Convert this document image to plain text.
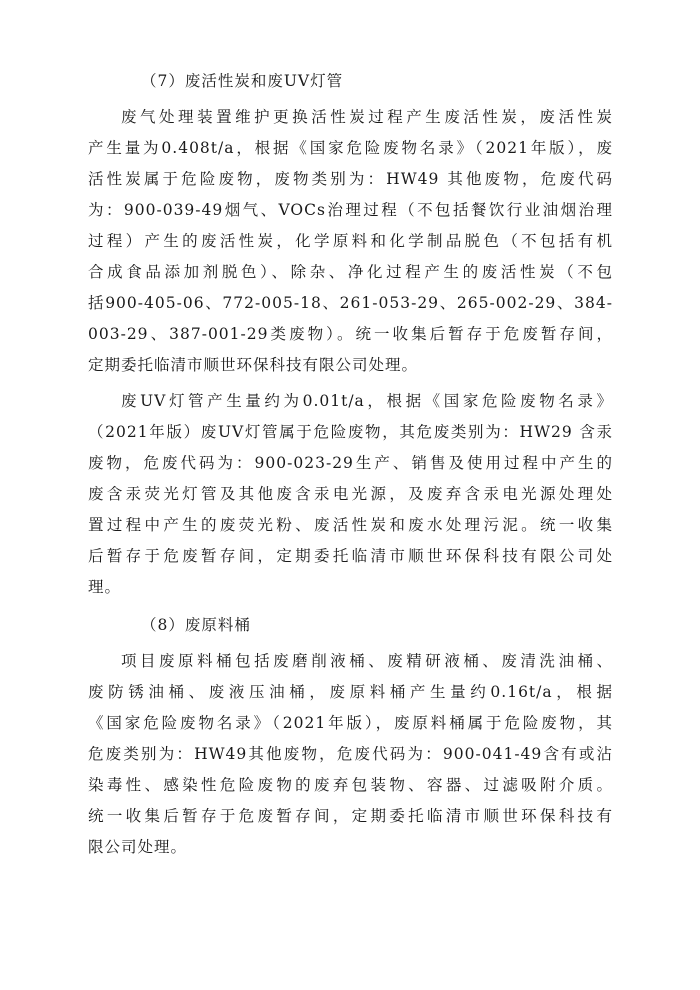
（7）废活性炭和废UV灯管
废气处理装置维护更换活性炭过程产生废活性炭，废活性炭
产生量为0.408t/a，根据《国家危险废物名录》（2021年版），废
活性炭属于危险废物，废物类别为：HW49 其他废物，危废代码
为：900-039-49烟气、VOCs治理过程（不包括餐饮行业油烟治理
过程）产生的废活性炭，化学原料和化学制品脱色（不包括有机
合成食品添加剂脱色）、除杂、净化过程产生的废活性炭（不包
括900-405-06、772-005-18、261-053-29、265-002-29、384-
003-29、387-001-29类废物）。统一收集后暂存于危废暂存间，
定期委托临清市顺世环保科技有限公司处理。
废UV灯管产生量约为0.01t/a，根据《国家危险废物名录》
（2021年版）废UV灯管属于危险废物，其危废类别为：HW29 含汞
废物，危废代码为：900-023-29生产、销售及使用过程中产生的
废含汞荧光灯管及其他废含汞电光源，及废弃含汞电光源处理处
置过程中产生的废荧光粉、废活性炭和废水处理污泥。统一收集
后暂存于危废暂存间，定期委托临清市顺世环保科技有限公司处
理。
（8）废原料桶
项目废原料桶包括废磨削液桶、废精研液桶、废清洗油桶、
废防锈油桶、废液压油桶，废原料桶产生量约0.16t/a，根据
《国家危险废物名录》（2021年版），废原料桶属于危险废物，其
危废类别为：HW49其他废物，危废代码为：900-041-49含有或沾
染毒性、感染性危险废物的废弃包装物、容器、过滤吸附介质。
统一收集后暂存于危废暂存间，定期委托临清市顺世环保科技有
限公司处理。
